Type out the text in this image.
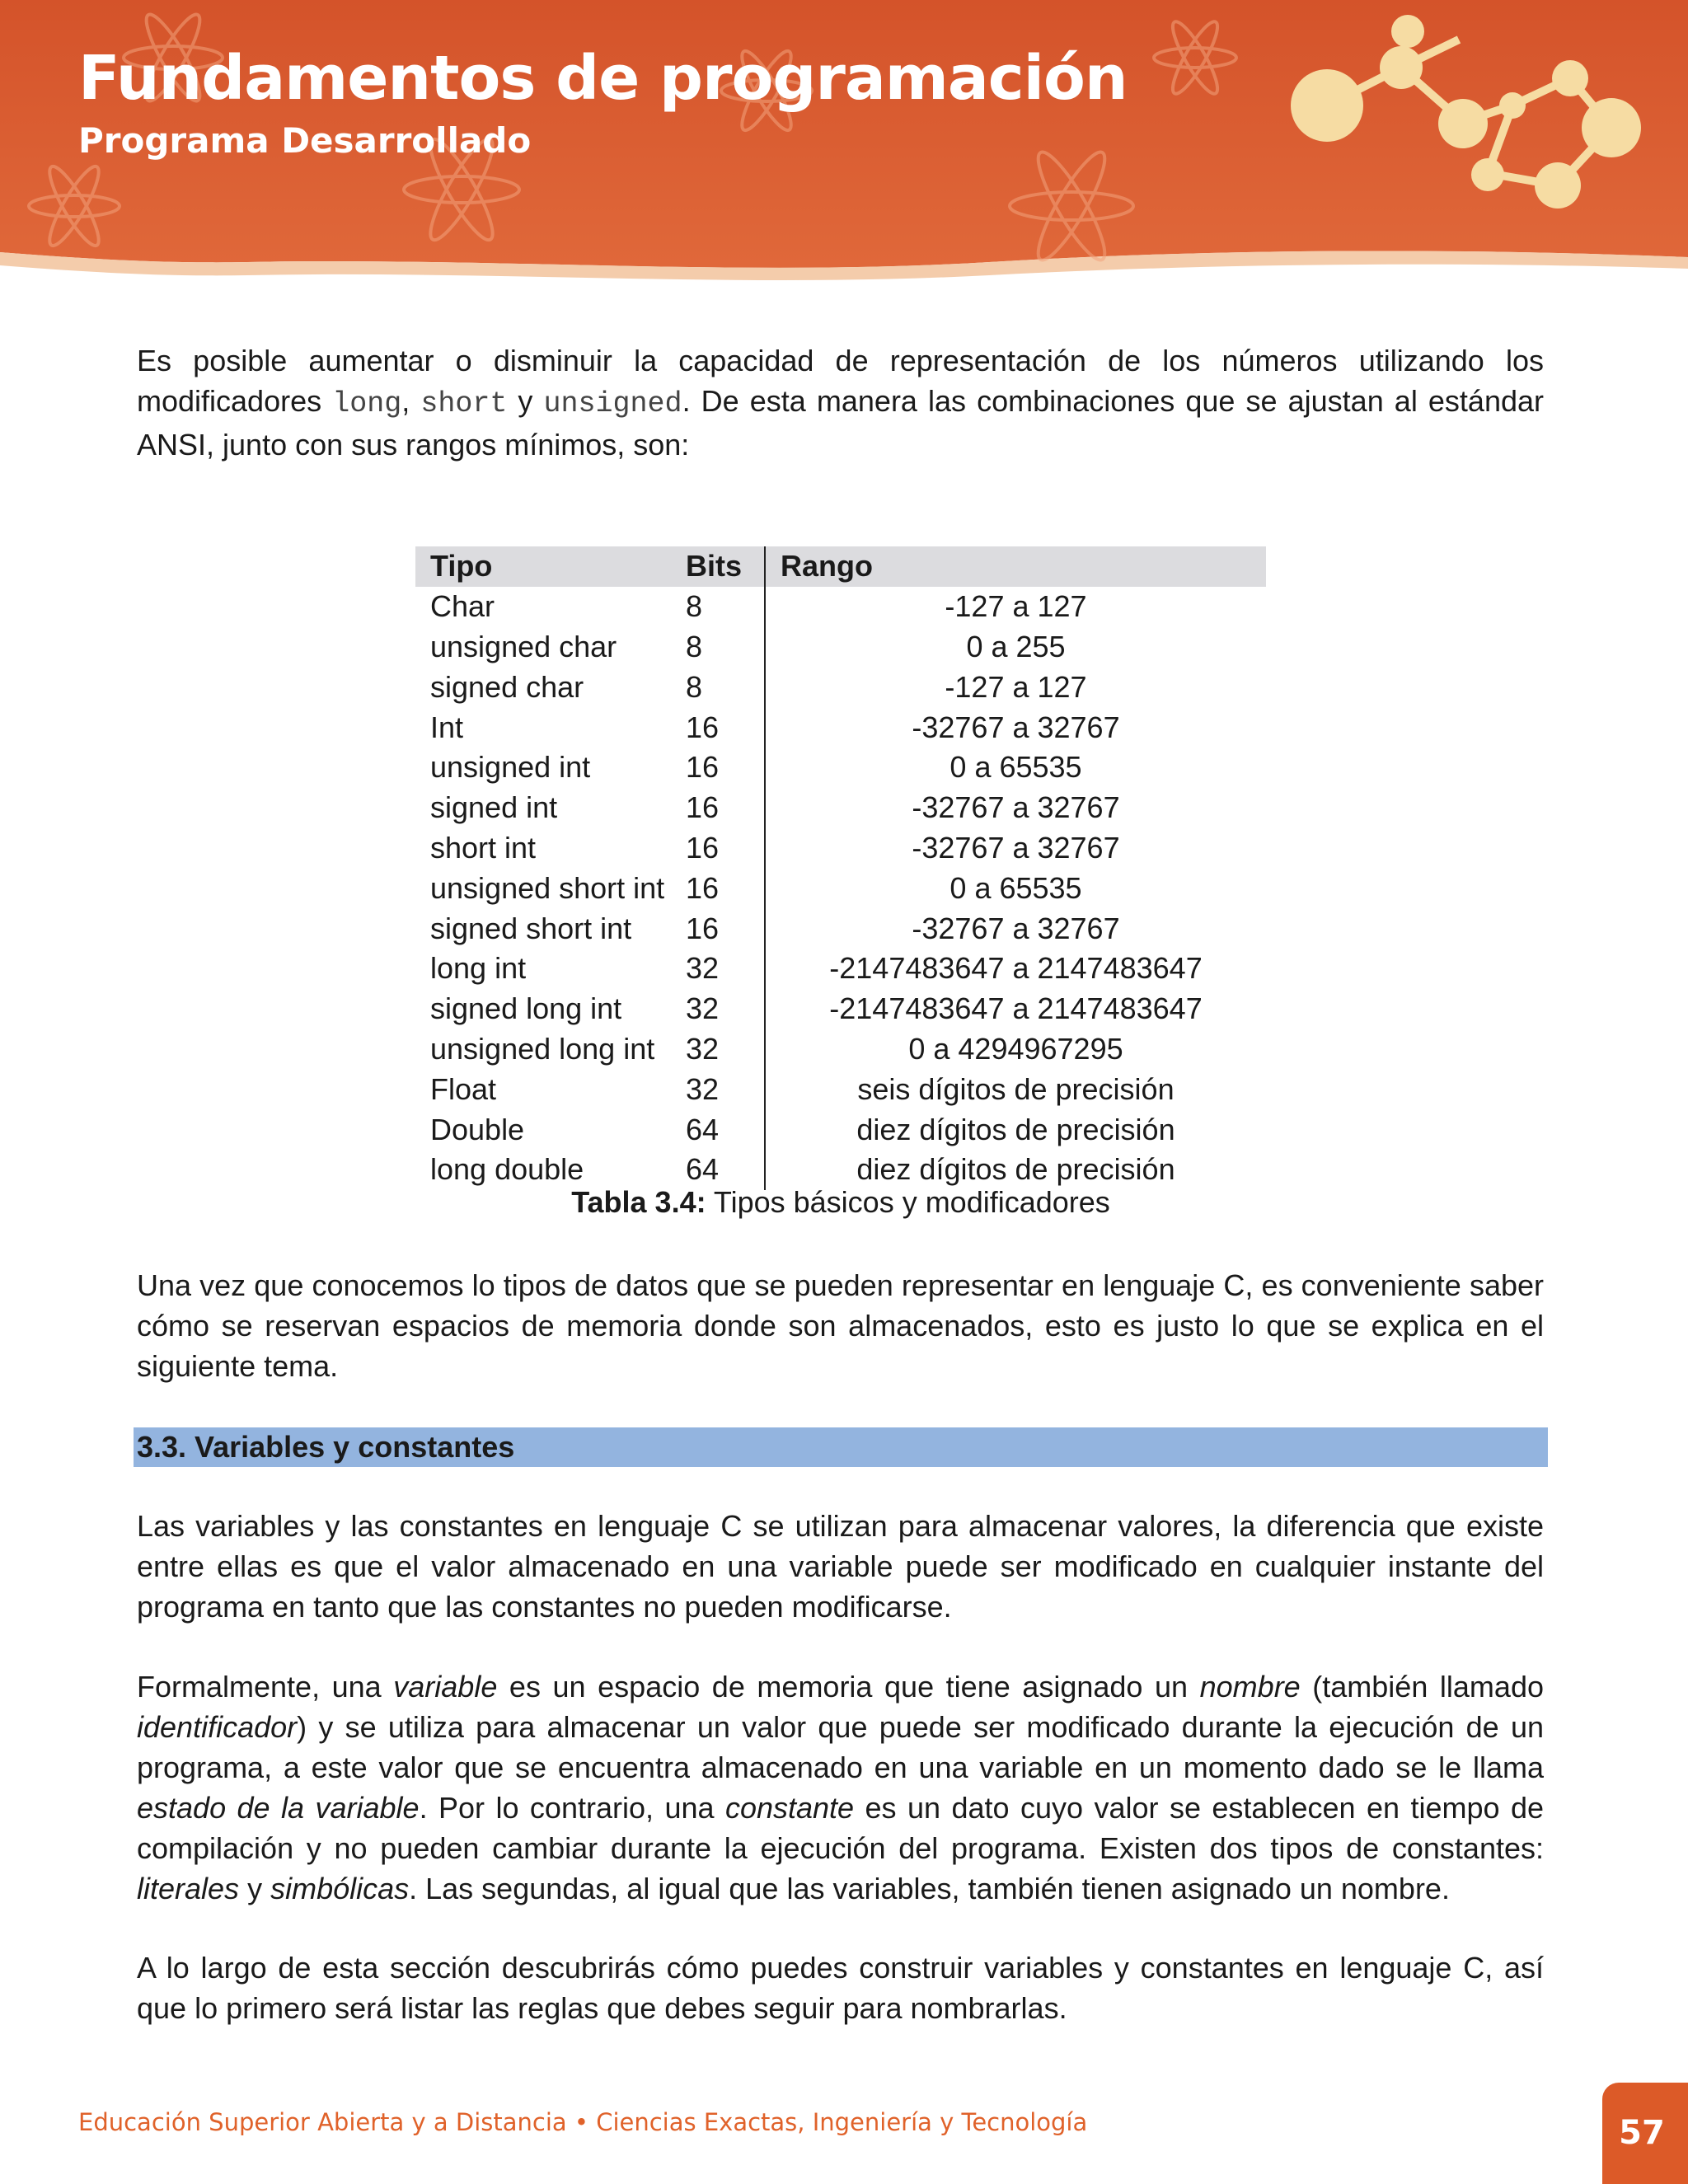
Fundamentos de programación
Programa Desarrollado

Es posible aumentar o disminuir la capacidad de representación de los números utilizando los modificadores long, short y unsigned. De esta manera las combinaciones que se ajustan al estándar ANSI, junto con sus rangos mínimos, son:

Tipo	Bits	Rango
Char	8	-127 a 127
unsigned char	8	0 a 255
signed char	8	-127 a 127
Int	16	-32767 a 32767
unsigned int	16	0 a 65535
signed int	16	-32767 a 32767
short int	16	-32767 a 32767
unsigned short int	16	0 a 65535
signed short int	16	-32767 a 32767
long int	32	-2147483647 a 2147483647
signed long int	32	-2147483647 a 2147483647
unsigned long int	32	0 a 4294967295
Float	32	seis dígitos de precisión
Double	64	diez dígitos de precisión
long double	64	diez dígitos de precisión
Tabla 3.4: Tipos básicos y modificadores

Una vez que conocemos lo tipos de datos que se pueden representar en lenguaje C, es conveniente saber cómo se reservan espacios de memoria donde son almacenados, esto es justo lo que se explica en el siguiente tema.

3.3. Variables y constantes

Las variables y las constantes en lenguaje C se utilizan para almacenar valores, la diferencia que existe entre ellas es que el valor almacenado en una variable puede ser modificado en cualquier instante del programa en tanto que las constantes no pueden modificarse.

Formalmente, una variable es un espacio de memoria que tiene asignado un nombre (también llamado identificador) y se utiliza para almacenar un valor que puede ser modificado durante la ejecución de un programa, a este valor que se encuentra almacenado en una variable en un momento dado se le llama estado de la variable. Por lo contrario, una constante es un dato cuyo valor se establecen en tiempo de compilación y no pueden cambiar durante la ejecución del programa. Existen dos tipos de constantes: literales y simbólicas. Las segundas, al igual que las variables, también tienen asignado un nombre.

A lo largo de esta sección descubrirás cómo puedes construir variables y constantes en lenguaje C, así que lo primero será listar las reglas que debes seguir para nombrarlas.

Educación Superior Abierta y a Distancia • Ciencias Exactas, Ingeniería y Tecnología	57
